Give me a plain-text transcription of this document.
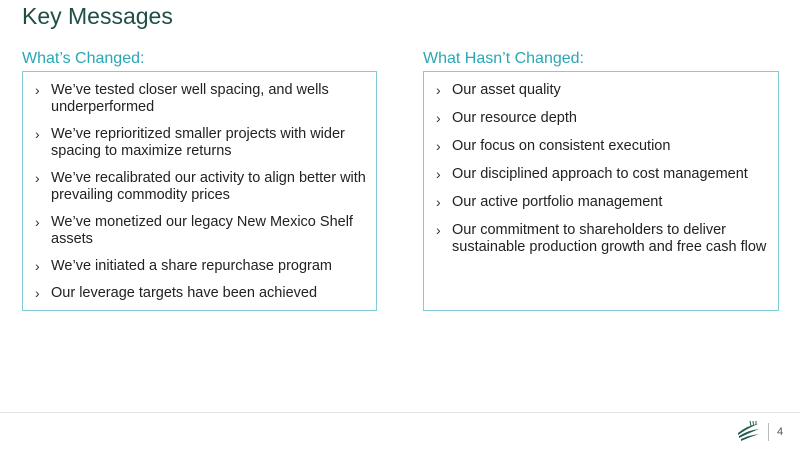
Key Messages
What’s Changed:
› We’ve tested closer well spacing, and wells underperformed
› We’ve reprioritized smaller projects with wider spacing to maximize returns
› We’ve recalibrated our activity to align better with prevailing commodity prices
› We’ve monetized our legacy New Mexico Shelf assets
› We’ve initiated a share repurchase program
› Our leverage targets have been achieved
What Hasn’t Changed:
› Our asset quality
› Our resource depth
› Our focus on consistent execution
› Our disciplined approach to cost management
› Our active portfolio management
› Our commitment to shareholders to deliver sustainable production growth and free cash flow
4
